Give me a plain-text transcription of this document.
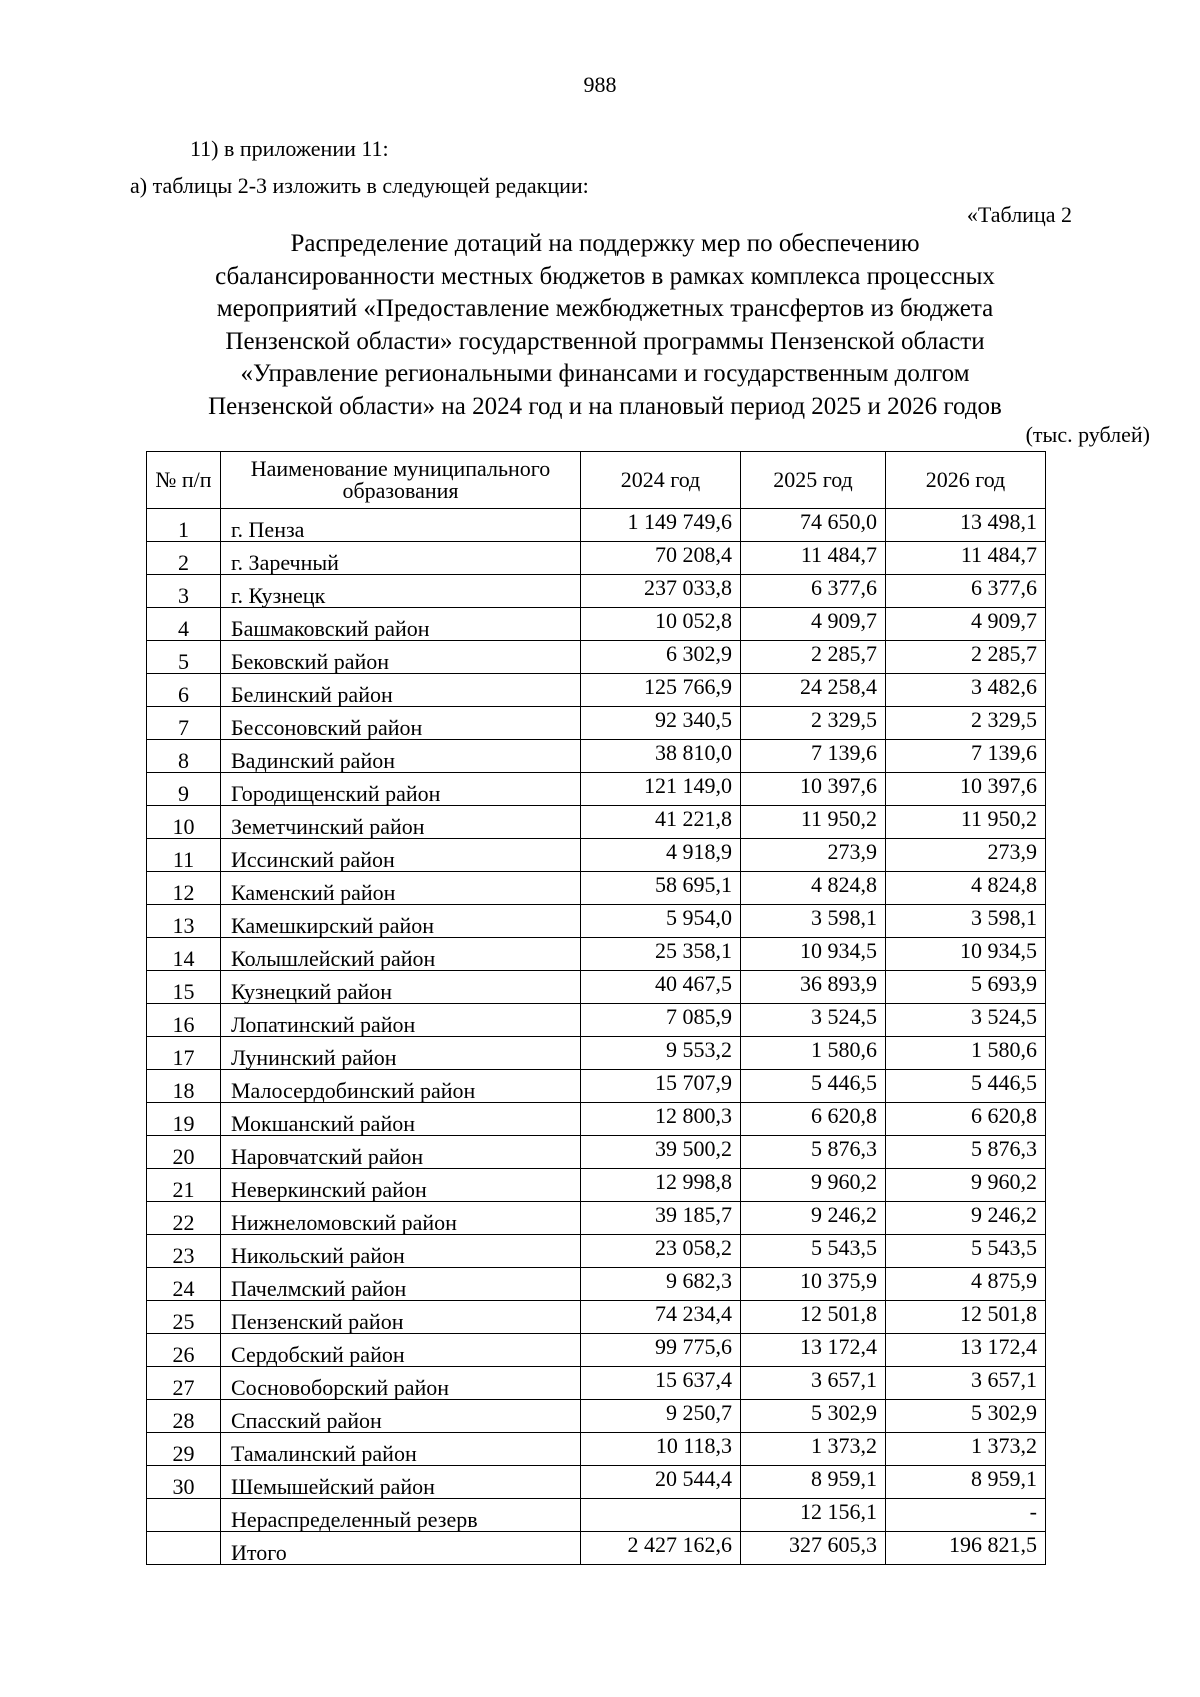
988
11) в приложении 11:
а) таблицы 2-3 изложить в следующей редакции:
«Таблица 2
Распределение дотаций на поддержку мер по обеспечению
сбалансированности местных бюджетов в рамках комплекса процессных
мероприятий «Предоставление межбюджетных трансфертов из бюджета
Пензенской области» государственной программы Пензенской области
«Управление региональными финансами и государственным долгом
Пензенской области» на 2024 год и на плановый период 2025 и 2026 годов
(тыс. рублей)
№ п/п	Наименование муниципального образования	2024 год	2025 год	2026 год
1	г. Пенза	1 149 749,6	74 650,0	13 498,1
2	г. Заречный	70 208,4	11 484,7	11 484,7
3	г. Кузнецк	237 033,8	6 377,6	6 377,6
4	Башмаковский район	10 052,8	4 909,7	4 909,7
5	Бековский район	6 302,9	2 285,7	2 285,7
6	Белинский район	125 766,9	24 258,4	3 482,6
7	Бессоновский район	92 340,5	2 329,5	2 329,5
8	Вадинский район	38 810,0	7 139,6	7 139,6
9	Городищенский район	121 149,0	10 397,6	10 397,6
10	Земетчинский район	41 221,8	11 950,2	11 950,2
11	Иссинский район	4 918,9	273,9	273,9
12	Каменский район	58 695,1	4 824,8	4 824,8
13	Камешкирский район	5 954,0	3 598,1	3 598,1
14	Колышлейский район	25 358,1	10 934,5	10 934,5
15	Кузнецкий район	40 467,5	36 893,9	5 693,9
16	Лопатинский район	7 085,9	3 524,5	3 524,5
17	Лунинский район	9 553,2	1 580,6	1 580,6
18	Малосердобинский район	15 707,9	5 446,5	5 446,5
19	Мокшанский район	12 800,3	6 620,8	6 620,8
20	Наровчатский район	39 500,2	5 876,3	5 876,3
21	Неверкинский район	12 998,8	9 960,2	9 960,2
22	Нижнеломовский район	39 185,7	9 246,2	9 246,2
23	Никольский район	23 058,2	5 543,5	5 543,5
24	Пачелмский район	9 682,3	10 375,9	4 875,9
25	Пензенский район	74 234,4	12 501,8	12 501,8
26	Сердобский район	99 775,6	13 172,4	13 172,4
27	Сосновоборский район	15 637,4	3 657,1	3 657,1
28	Спасский район	9 250,7	5 302,9	5 302,9
29	Тамалинский район	10 118,3	1 373,2	1 373,2
30	Шемышейский район	20 544,4	8 959,1	8 959,1
	Нераспределенный резерв		12 156,1	-
	Итого	2 427 162,6	327 605,3	196 821,5
